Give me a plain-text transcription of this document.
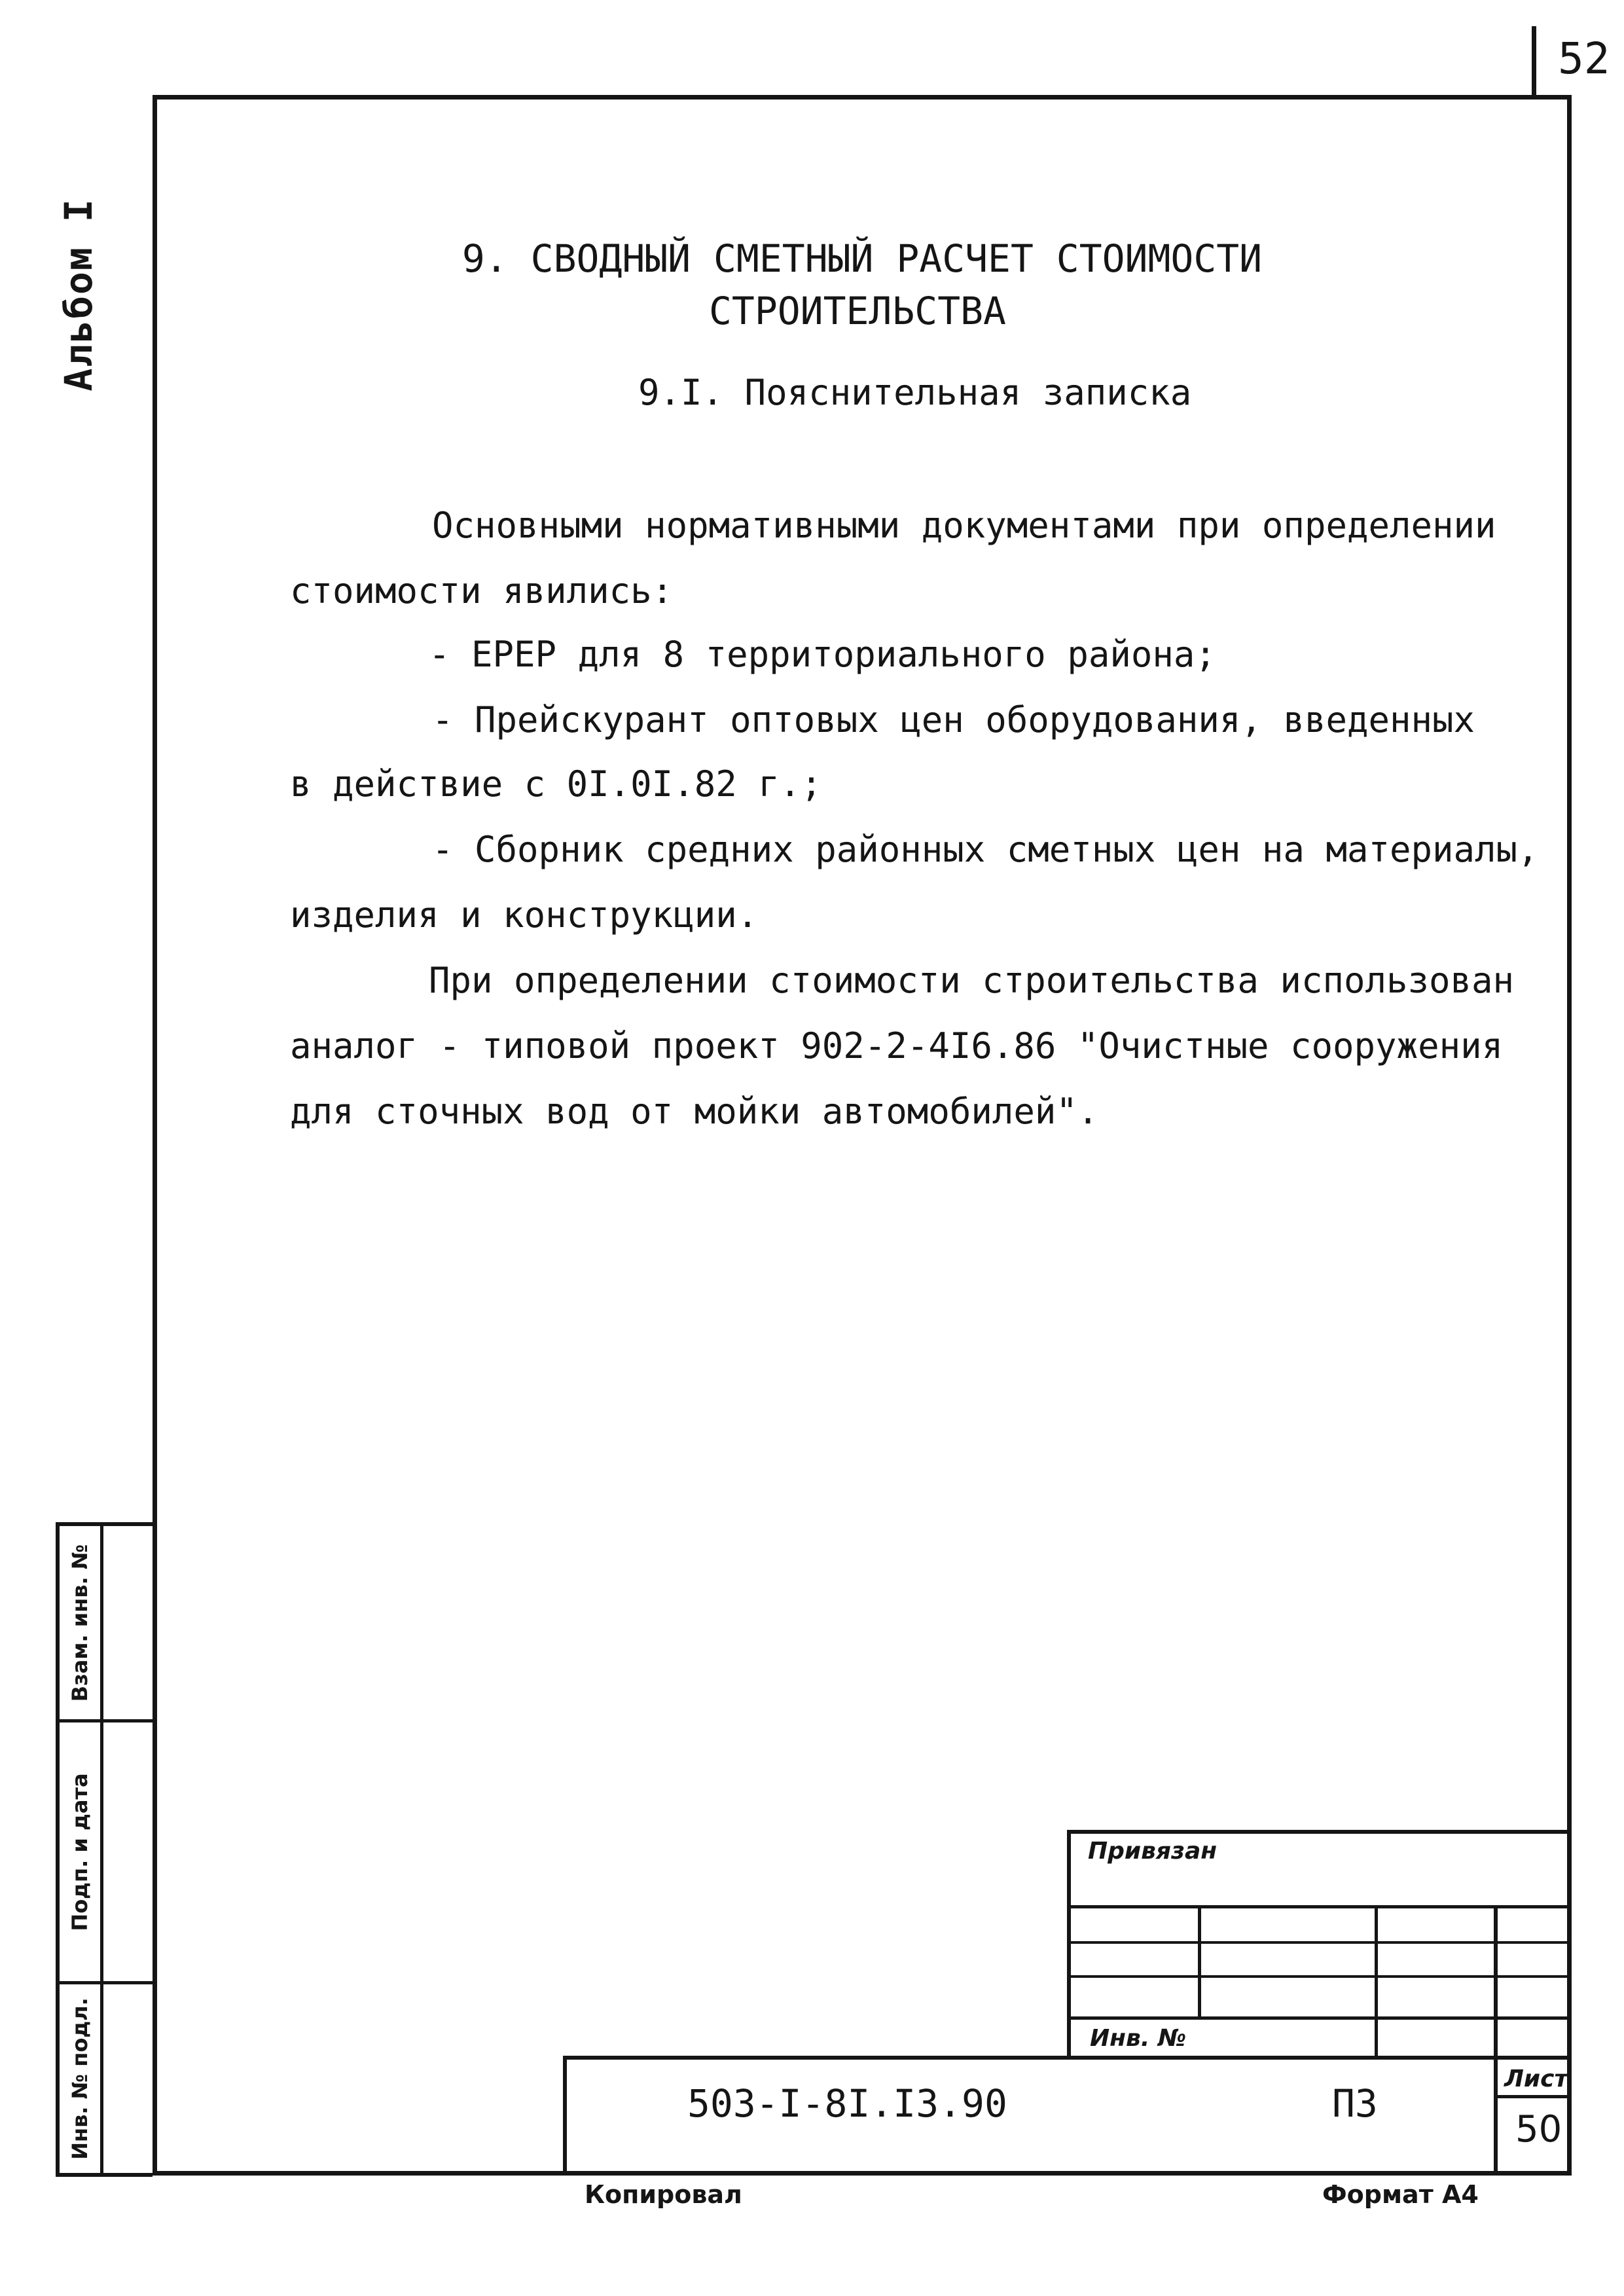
52
Альбом I
Взам. инв. №
Подп. и дата
Инв. № подл.
9. СВОДНЫЙ СМЕТНЫЙ РАСЧЕТ СТОИМОСТИ
СТРОИТЕЛЬСТВА
9.I. Пояснительная записка
Основными нормативными документами при определении
стоимости явились:
- ЕРЕР для 8 территориального района;
- Прейскурант оптовых цен оборудования, введенных
в действие с 0I.0I.82 г.;
- Сборник средних районных сметных цен на материалы,
изделия и конструкции.
При определении стоимости строительства использован
аналог - типовой проект 902-2-4I6.86 "Очистные сооружения
для сточных вод от мойки автомобилей".
Привязан
Инв. №
503-I-8I.I3.90	ПЗ
Лист
50
Копировал	Формат А4
